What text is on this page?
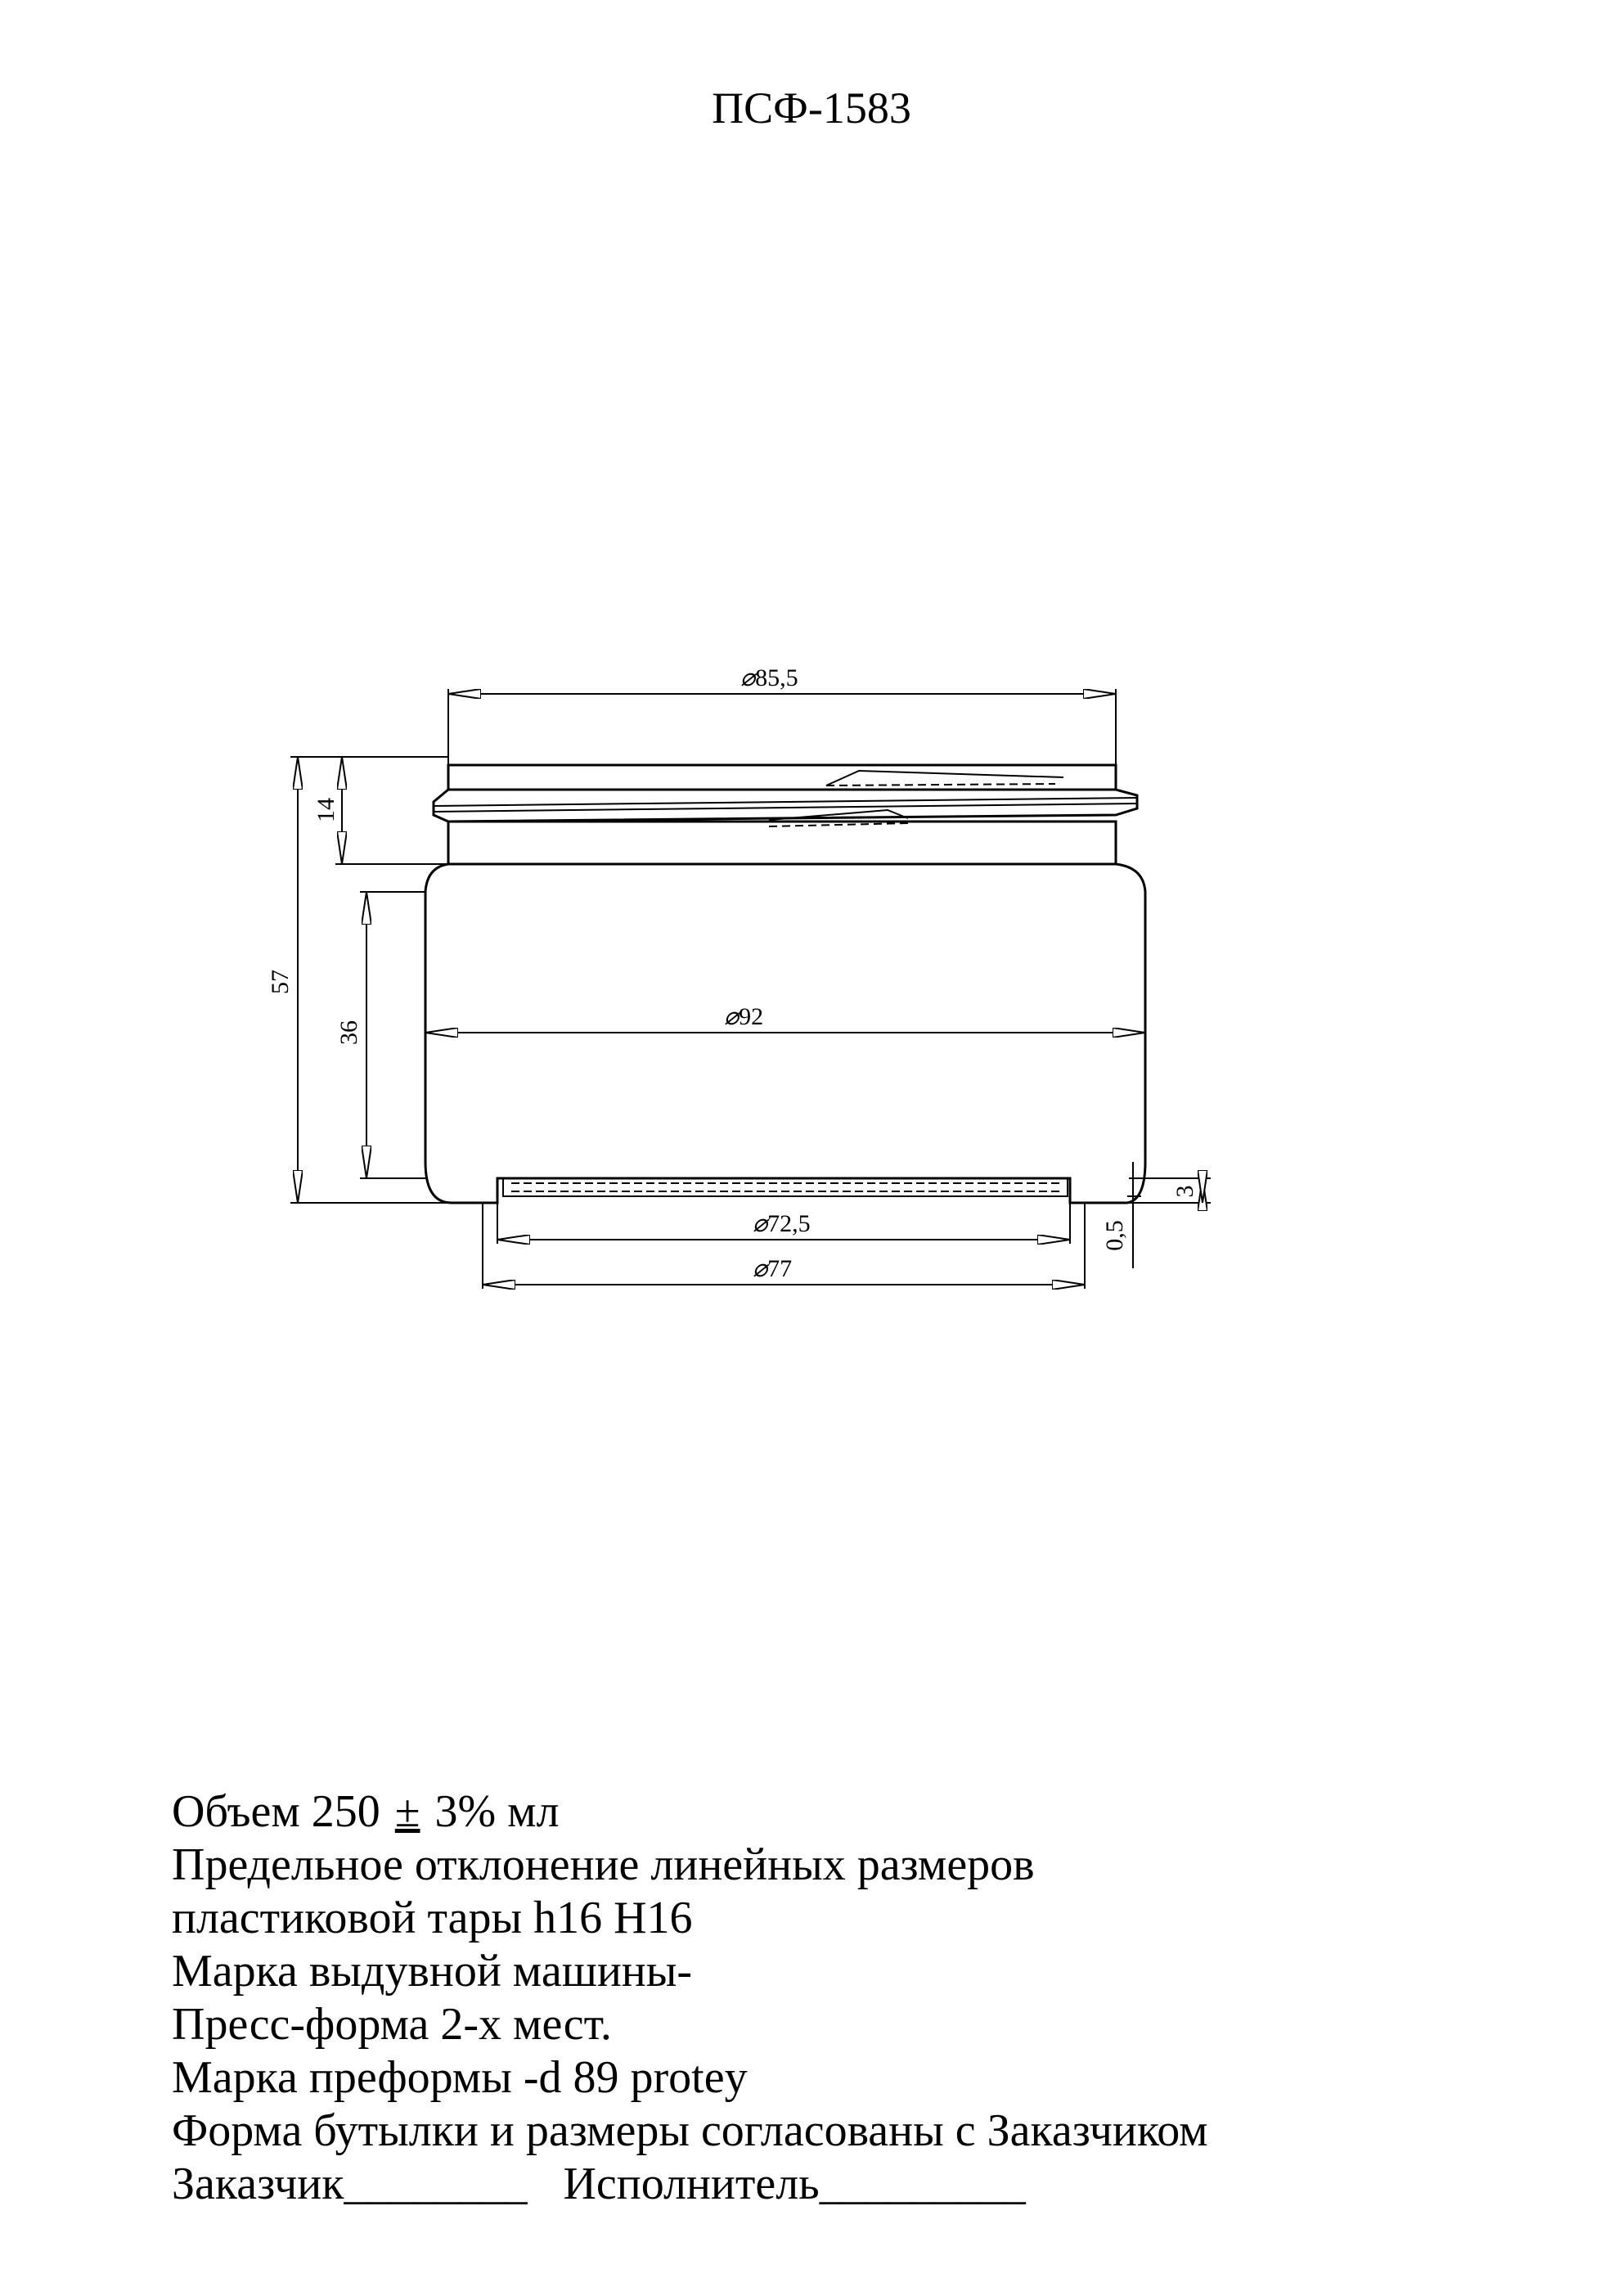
ПСФ-1583
⌀85,5
⌀92
⌀72,5
⌀77
57
14
36
3
0,5
Объем 250 ± 3% мл
Предельное отклонение линейных размеров
пластиковой тары h16 H16
Марка выдувной машины-
Пресс-форма 2-х мест.
Марка преформы -d 89 protey
Форма бутылки и размеры согласованы с Заказчиком
Заказчик________ Исполнитель_________
